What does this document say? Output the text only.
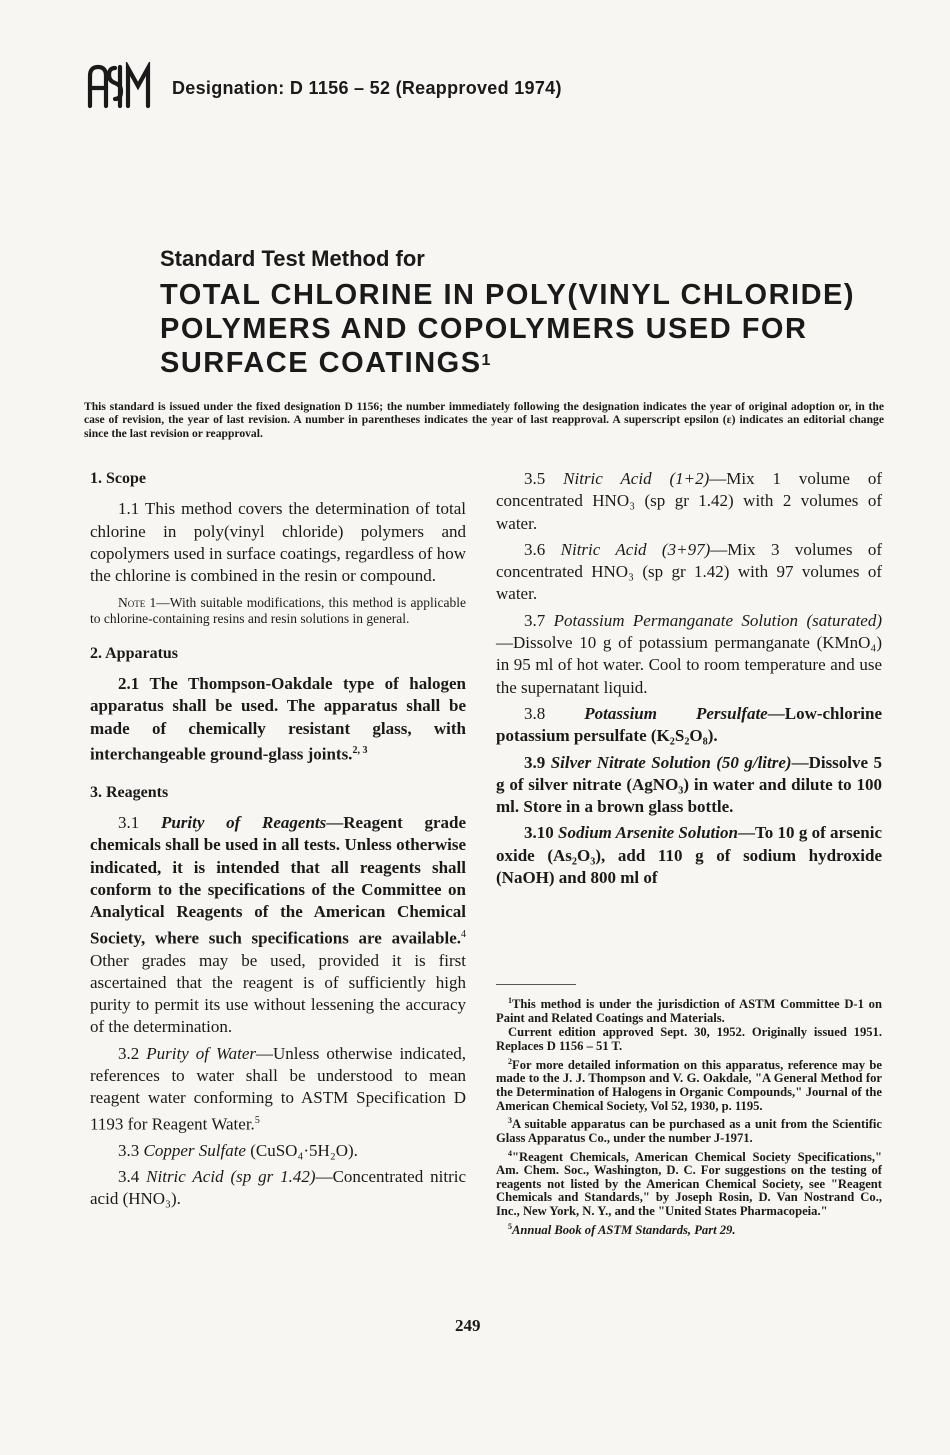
Designation: D 1156 – 52 (Reapproved 1974)
Standard Test Method for
TOTAL CHLORINE IN POLY(VINYL CHLORIDE) POLYMERS AND COPOLYMERS USED FOR SURFACE COATINGS$^1$
This standard is issued under the fixed designation D 1156; the number immediately following the designation indicates the year of original adoption or, in the case of revision, the year of last revision. A number in parentheses indicates the year of last reapproval. A superscript epsilon (ε) indicates an editorial change since the last revision or reapproval.
1. Scope

1.1 This method covers the determination of total chlorine in poly(vinyl chloride) polymers and copolymers used in surface coatings, regardless of how the chlorine is combined in the resin or compound.

Note 1—With suitable modifications, this method is applicable to chlorine-containing resins and resin solutions in general.
2. Apparatus

2.1 The Thompson-Oakdale type of halogen apparatus shall be used. The apparatus shall be made of chemically resistant glass, with interchangeable ground-glass joints.$^{2, 3}$

3. Reagents

3.1 Purity of Reagents—Reagent grade chemicals shall be used in all tests. Unless otherwise indicated, it is intended that all reagents shall conform to the specifications of the Committee on Analytical Reagents of the American Chemical Society, where such specifications are available.$^4$ Other grades may be used, provided it is first ascertained that the reagent is of sufficiently high purity to permit its use without lessening the accuracy of the determination.

3.2 Purity of Water—Unless otherwise indicated, references to water shall be understood to mean reagent water conforming to ASTM Specification D 1193 for Reagent Water.$^5$

3.3 Copper Sulfate (CuSO₄·5H₂O).

3.4 Nitric Acid (sp gr 1.42)—Concentrated nitric acid (HNO₃).

3.5 Nitric Acid (1+2)—Mix 1 volume of concentrated HNO₃ (sp gr 1.42) with 2 volumes of water.

3.6 Nitric Acid (3+97)—Mix 3 volumes of concentrated HNO₃ (sp gr 1.42) with 97 volumes of water.

3.7 Potassium Permanganate Solution (saturated)—Dissolve 10 g of potassium permanganate (KMnO₄) in 95 ml of hot water. Cool to room temperature and use the supernatant liquid.

3.8 Potassium Persulfate—Low-chlorine potassium persulfate (K₂S₂O₈).

3.9 Silver Nitrate Solution (50 g/litre)—Dissolve 5 g of silver nitrate (AgNO₃) in water and dilute to 100 ml. Store in a brown glass bottle.

3.10 Sodium Arsenite Solution—To 10 g of arsenic oxide (As₂O₃), add 110 g of sodium hydroxide (NaOH) and 800 ml of

$^1$This method is under the jurisdiction of ASTM Committee D-1 on Paint and Related Coatings and Materials.

Current edition approved Sept. 30, 1952. Originally issued 1951. Replaces D 1156 – 51 T.

$^2$For more detailed information on this apparatus, reference may be made to the J. J. Thompson and V. G. Oakdale, "A General Method for the Determination of Halogens in Organic Compounds," Journal of the American Chemical Society, Vol 52, 1930, p. 1195.

$^3$A suitable apparatus can be purchased as a unit from the Scientific Glass Apparatus Co., under the number J-1971.

$^4$"Reagent Chemicals, American Chemical Society Specifications," Am. Chem. Soc., Washington, D. C. For suggestions on the testing of reagents not listed by the American Chemical Society, see "Reagent Chemicals and Standards," by Joseph Rosin, D. Van Nostrand Co., Inc., New York, N. Y., and the "United States Pharmacopeia."

$^5$Annual Book of ASTM Standards, Part 29.

249
